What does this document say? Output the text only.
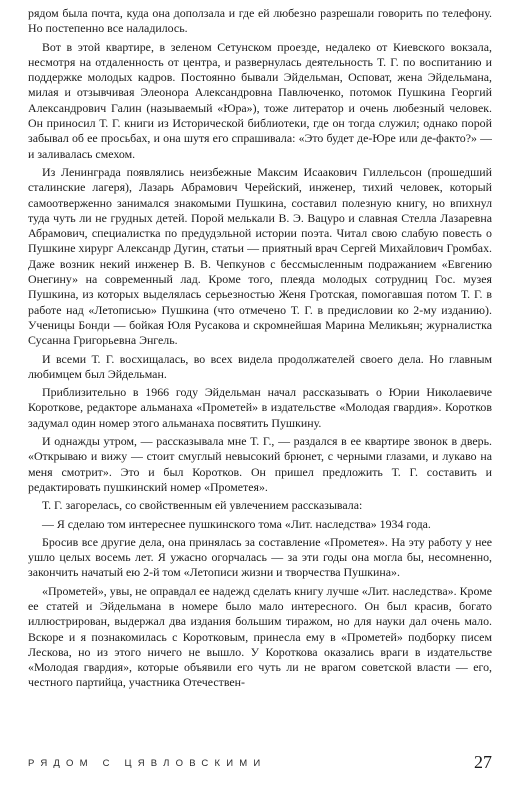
рядом была почта, куда она доползала и где ей любезно разрешали говорить по телефону. Но постепенно все наладилось.

Вот в этой квартире, в зеленом Сетунском проезде, недалеко от Киевского вокзала, несмотря на отдаленность от центра, и развернулась деятельность Т. Г. по воспитанию и поддержке молодых кадров. Постоянно бывали Эйдельман, Осповат, жена Эйдельмана, милая и отзывчивая Элеонора Александровна Павлюченко, потомок Пушкина Георгий Александрович Галин (называемый «Юра»), тоже литератор и очень любезный человек. Он приносил Т. Г. книги из Исторической библиотеки, где он тогда служил; однако порой забывал об ее просьбах, и она шутя его спрашивала: «Это будет де-Юре или де-факто?» — и заливалась смехом.

Из Ленинграда появлялись неизбежные Максим Исаакович Гиллельсон (прошедший сталинские лагеря), Лазарь Абрамович Черейский, инженер, тихий человек, который самоотверженно занимался знакомыми Пушкина, составил полезную книгу, но впихнул туда чуть ли не грудных детей. Порой мелькали В. Э. Вацуро и славная Стелла Лазаревна Абрамович, специалистка по предудэльной истории поэта. Читал свою слабую повесть о Пушкине хирург Александр Дугин, статьи — приятный врач Сергей Михайлович Громбах. Даже возник некий инженер В. В. Чепкунов с бессмысленным подражанием «Евгению Онегину» на современный лад. Кроме того, плеяда молодых сотрудниц Гос. музея Пушкина, из которых выделялась серьезностью Женя Гротская, помогавшая потом Т. Г. в работе над «Летописью» Пушкина (что отмечено Т. Г. в предисловии ко 2-му изданию). Ученицы Бонди — бойкая Юля Русакова и скромнейшая Марина Меликьян; журналистка Сусанна Григорьевна Энгель.

И всеми Т. Г. восхищалась, во всех видела продолжателей своего дела. Но главным любимцем был Эйдельман.

Приблизительно в 1966 году Эйдельман начал рассказывать о Юрии Николаевиче Короткове, редакторе альманаха «Прометей» в издательстве «Молодая гвардия». Коротков задумал один номер этого альманаха посвятить Пушкину.

И однажды утром, — рассказывала мне Т. Г., — раздался в ее квартире звонок в дверь. «Открываю и вижу — стоит смуглый невысокий брюнет, с черными глазами, и лукаво на меня смотрит». Это и был Коротков. Он пришел предложить Т. Г. составить и редактировать пушкинский номер «Прометея».

Т. Г. загорелась, со свойственным ей увлечением рассказывала:

— Я сделаю том интереснее пушкинского тома «Лит. наследства» 1934 года.

Бросив все другие дела, она принялась за составление «Прометея». На эту работу у нее ушло целых восемь лет. Я ужасно огорчалась — за эти годы она могла бы, несомненно, закончить начатый ею 2-й том «Летописи жизни и творчества Пушкина».

«Прометей», увы, не оправдал ее надежд сделать книгу лучше «Лит. наследства». Кроме ее статей и Эйдельмана в номере было мало интересного. Он был красив, богато иллюстрирован, выдержал два издания большим тиражом, но для науки дал очень мало. Вскоре и я познакомилась с Коротковым, принесла ему в «Прометей» подборку писем Лескова, но из этого ничего не вышло. У Короткова оказались враги в издательстве «Молодая гвардия», которые объявили его чуть ли не врагом советской власти — его, честного партийца, участника Отечествен-

РЯДОМ С ЦЯВЛОВСКИМИ	27
